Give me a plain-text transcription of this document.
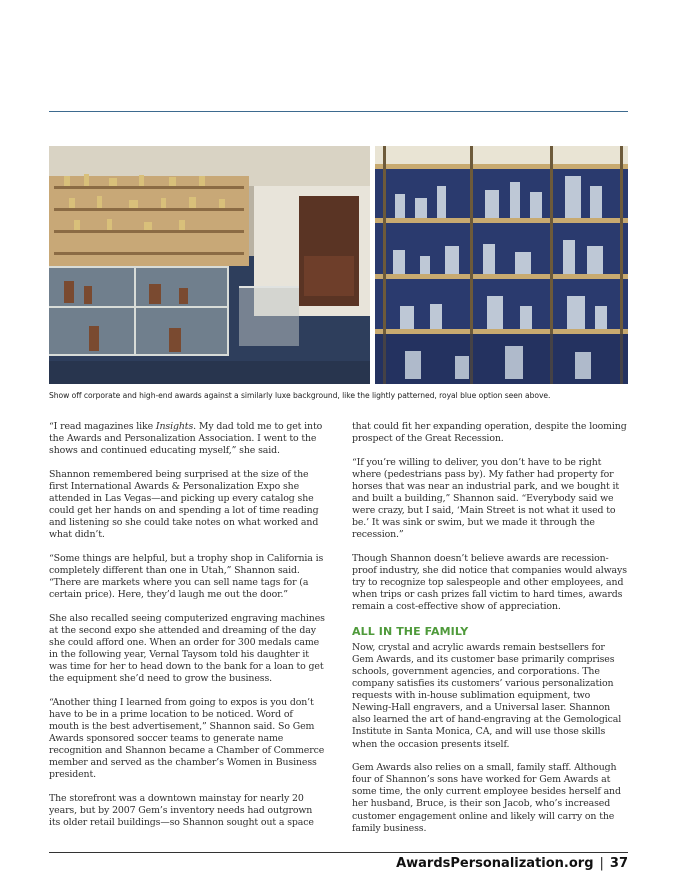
Show off corporate and high-end awards against a similarly luxe background, like the lightly patterned, royal blue option seen above.

“I read magazines like Insights. My dad told me to get into the Awards and Personalization Association. I went to the shows and continued educating myself,” she said.

Shannon remembered being surprised at the size of the first International Awards & Personalization Expo she attended in Las Vegas—and picking up every catalog she could get her hands on and spending a lot of time reading and listening so she could take notes on what worked and what didn’t.

“Some things are helpful, but a trophy shop in California is completely different than one in Utah,” Shannon said. “There are markets where you can sell name tags for (a certain price). Here, they’d laugh me out the door.”

She also recalled seeing computerized engraving machines at the second expo she attended and dreaming of the day she could afford one. When an order for 300 medals came in the following year, Vernal Taysom told his daughter it was time for her to head down to the bank for a loan to get the equipment she’d need to grow the business.

“Another thing I learned from going to expos is you don’t have to be in a prime location to be noticed. Word of mouth is the best advertisement,” Shannon said. So Gem Awards sponsored soccer teams to generate name recognition and Shannon became a Chamber of Commerce member and served as the chamber’s Women in Business president.

The storefront was a downtown mainstay for nearly 20 years, but by 2007 Gem’s inventory needs had outgrown its older retail buildings—so Shannon sought out a space

that could fit her expanding operation, despite the looming prospect of the Great Recession.

“If you’re willing to deliver, you don’t have to be right where (pedestrians pass by). My father had property for horses that was near an industrial park, and we bought it and built a building,” Shannon said. “Everybody said we were crazy, but I said, ‘Main Street is not what it used to be.’ It was sink or swim, but we made it through the recession.”

Though Shannon doesn’t believe awards are recession-proof industry, she did notice that companies would always try to recognize top salespeople and other employees, and when trips or cash prizes fall victim to hard times, awards remain a cost-effective show of appreciation.

ALL IN THE FAMILY

Now, crystal and acrylic awards remain bestsellers for Gem Awards, and its customer base primarily comprises schools, government agencies, and corporations. The company satisfies its customers’ various personalization requests with in-house sublimation equipment, two Newing-Hall engravers, and a Universal laser. Shannon also learned the art of hand-engraving at the Gemological Institute in Santa Monica, CA, and will use those skills when the occasion presents itself.

Gem Awards also relies on a small, family staff. Although four of Shannon’s sons have worked for Gem Awards at some time, the only current employee besides herself and her husband, Bruce, is their son Jacob, who’s increased customer engagement online and likely will carry on the family business.

AwardsPersonalization.org | 37
